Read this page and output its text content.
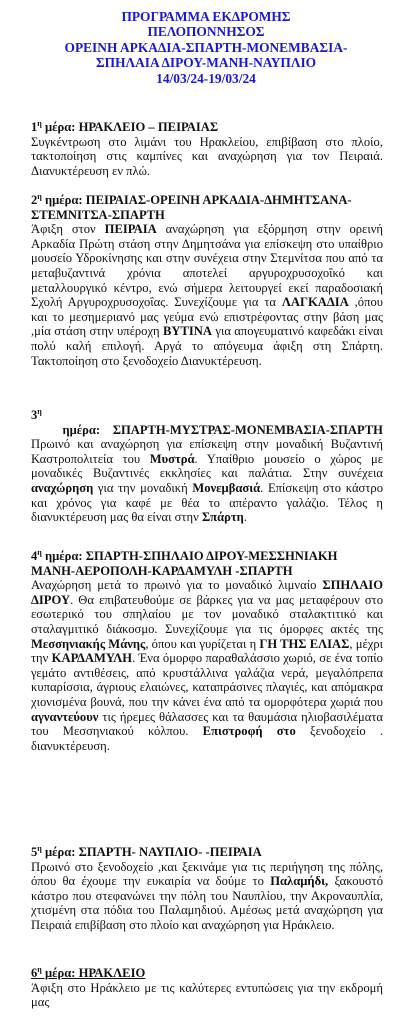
ΠΡΟΓΡΑΜΜΑ ΕΚΔΡΟΜΗΣ
ΠΕΛΟΠΟΝΝΗΣΟΣ
ΟΡΕΙΝΗ ΑΡΚΑΔΙΑ-ΣΠΑΡΤΗ-ΜΟΝΕΜΒΑΣΙΑ-
ΣΠΗΛΑΙΑ ΔΙΡΟΥ-ΜΑΝΗ-ΝΑΥΠΛΙΟ
14/03/24-19/03/24
$1^\eta$ μέρα: ΗΡΑΚΛΕΙΟ – ΠΕΙΡΑΙΑΣ
Συγκέντρωση στο λιμάνι του Ηρακλείου, επιβίβαση στο πλοίο, τακτοποίηση στις καμπίνες και αναχώρηση για τον Πειραιά. Διανυκτέρευση εν πλώ.
$2^\eta$ ημέρα: ΠΕΙΡΑΙΑΣ-ΟΡΕΙΝΗ ΑΡΚΑΔΙΑ-ΔΗΜΗΤΣΑΝΑ-ΣΤΕΜΝΙΤΣΑ-ΣΠΑΡΤΗ
Άφιξη στον ΠΕΙΡΑΙΑ αναχώρηση για εξόρμηση στην ορεινή Αρκαδία Πρώτη στάση στην Δημητσάνα για επίσκεψη στο υπαίθριο μουσείο Υδροκίνησης και στην συνέχεια στην Στεμνίτσα που από τα μεταβυζαντινά χρόνια αποτελεί αργυροχρυσοχοΐκό και μεταλλουργικό κέντρο, ενώ σήμερα λειτουργεί εκεί παραδοσιακή Σχολή Αργυροχρυσοχοΐας. Συνεχίζουμε για τα ΛΑΓΚΑΔΙΑ ,όπου και το μεσημεριανό μας γεύμα ενώ επιστρέφοντας στην βάση μας ,μία στάση στην υπέροχη ΒΥΤΙΝΑ για απογευματινό καφεδάκι είναι πολύ καλή επιλογή. Αργά το απόγευμα άφιξη στη Σπάρτη. Τακτοποίηση στο ξενοδοχείο Διανυκτέρευση.
$3^\eta$          ημέρα:    ΣΠΑΡΤΗ-ΜΥΣΤΡΑΣ-ΜΟΝΕΜΒΑΣΙΑ-ΣΠΑΡΤΗ
Πρωινό και αναχώρηση για επίσκεψη στην μοναδική Βυζαντινή Καστροπολιτεία του Μυστρά. Υπαίθριο μουσείο ο χώρος με μοναδικές Βυζαντινές εκκλησίες και παλάτια. Στην συνέχεια αναχώρηση για την μοναδική Μονεμβασιά. Επίσκεψη στο κάστρο και χρόνος για καφέ με θέα το απέραντο γαλάζιο. Τέλος η διανυκτέρευση μας θα είναι στην Σπάρτη.
$4^\eta$ ημέρα: ΣΠΑΡΤΗ-ΣΠΗΛΑΙΟ ΔΙΡΟΥ-ΜΕΣΣΗΝΙΑΚΗ ΜΑΝΗ-ΑΕΡΟΠΟΛΗ-ΚΑΡΔΑΜΥΛΗ -ΣΠΑΡΤΗ
Αναχώρηση μετά το πρωινό για το μοναδικό λιμναίο ΣΠΗΛΑΙΟ ΔΙΡΟΥ. Θα επιβατευθούμε σε βάρκες για να μας μεταφέρουν στο εσωτερικό του σπηλαίου με τον μοναδικό σταλακτιτικό και σταλαγμιτικό διάκοσμο. Συνεχίζουμε για τις όμορφες ακτές της Μεσσηνιακής Μάνης, όπου και γυρίζεται η ΓΗ ΤΗΣ ΕΛΙΑΣ, μέχρι την ΚΑΡΔΑΜΥΛΗ. Ένα όμορφο παραθαλάσσιο χωριό, σε ένα τοπίο γεμάτο αντιθέσεις, από κρυστάλλινα γαλάζια νερά, μεγαλόπρεπα κυπαρίσσια, άγριους ελαιώνες, καταπράσινες πλαγιές, και απόμακρα χιονισμένα βουνά, που την κάνει ένα από τα ομορφότερα χωριά που αγναντεύουν τις ήρεμες θάλασσες και τα θαυμάσια ηλιοβασιλέματα του Μεσσηνιακού κόλπου. Επιστροφή στο ξενοδοχείο . διανυκτέρευση.
$5^\eta$ μέρα: ΣΠΑΡΤΗ- ΝΑΥΠΛΙΟ- -ΠΕΙΡΑΙΑ
Πρωινό στο ξενοδοχείο ,και ξεκινάμε για τις περιήγηση της πόλης, όπου θα έχουμε την ευκαιρία να δούμε το Παλαμήδι, ξακουστό κάστρο που στεφανώνει την πόλη του Ναυπλίου, την Ακροναυπλία, χτισμένη στα πόδια του Παλαμηδιού. Αμέσως μετά αναχώρηση για Πειραιά επιβίβαση στο πλοίο και αναχώρηση για Ηράκλειο.
$6^\eta$ μέρα: ΗΡΑΚΛΕΙΟ
Άφιξη στο Ηράκλειο με τις καλύτερες εντυπώσεις για την εκδρομή μας
